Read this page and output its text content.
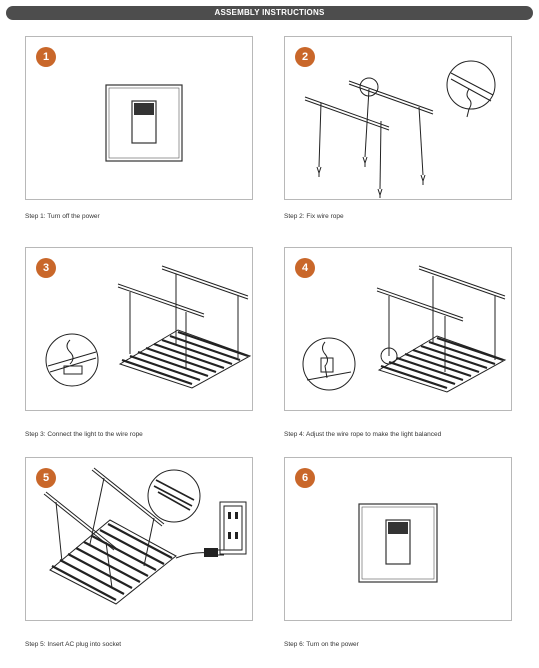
ASSEMBLY INSTRUCTIONS
1
Step 1: Turn off the power
2
Step 2: Fix wire rope
3
Step 3: Connect the light to the wire rope
4
Step 4: Adjust the wire rope to make the light balanced
5
Step 5: Insert AC plug into socket
6
Step 6: Turn on the power
